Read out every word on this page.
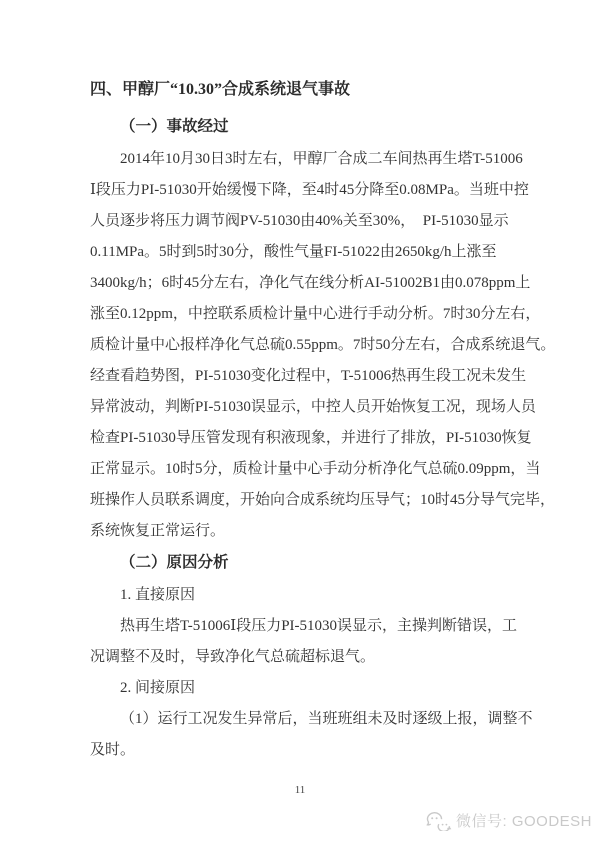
四、甲醇厂“10.30”合成系统退气事故
（一）事故经过
2014年10月30日3时左右，甲醇厂合成二车间热再生塔T-51006
Ⅰ段压力PI-51030开始缓慢下降，至4时45分降至0.08MPa。当班中控
人员逐步将压力调节阀PV-51030由40%关至30%，  PI-51030显示
0.11MPa。5时到5时30分，酸性气量FI-51022由2650kg/h上涨至
3400kg/h；6时45分左右，净化气在线分析AI-51002B1由0.078ppm上
涨至0.12ppm，中控联系质检计量中心进行手动分析。7时30分左右，
质检计量中心报样净化气总硫0.55ppm。7时50分左右，合成系统退气。
经查看趋势图，PI-51030变化过程中，T-51006热再生段工况未发生
异常波动，判断PI-51030误显示，中控人员开始恢复工况，现场人员
检查PI-51030导压管发现有积液现象，并进行了排放，PI-51030恢复
正常显示。10时5分，质检计量中心手动分析净化气总硫0.09ppm，当
班操作人员联系调度，开始向合成系统均压导气；10时45分导气完毕，
系统恢复正常运行。
（二）原因分析
1. 直接原因
热再生塔T-51006Ⅰ段压力PI-51030误显示，主操判断错误，工
况调整不及时，导致净化气总硫超标退气。
2. 间接原因
（1）运行工况发生异常后，当班班组未及时逐级上报，调整不
及时。
11
微信号: GOODESH
